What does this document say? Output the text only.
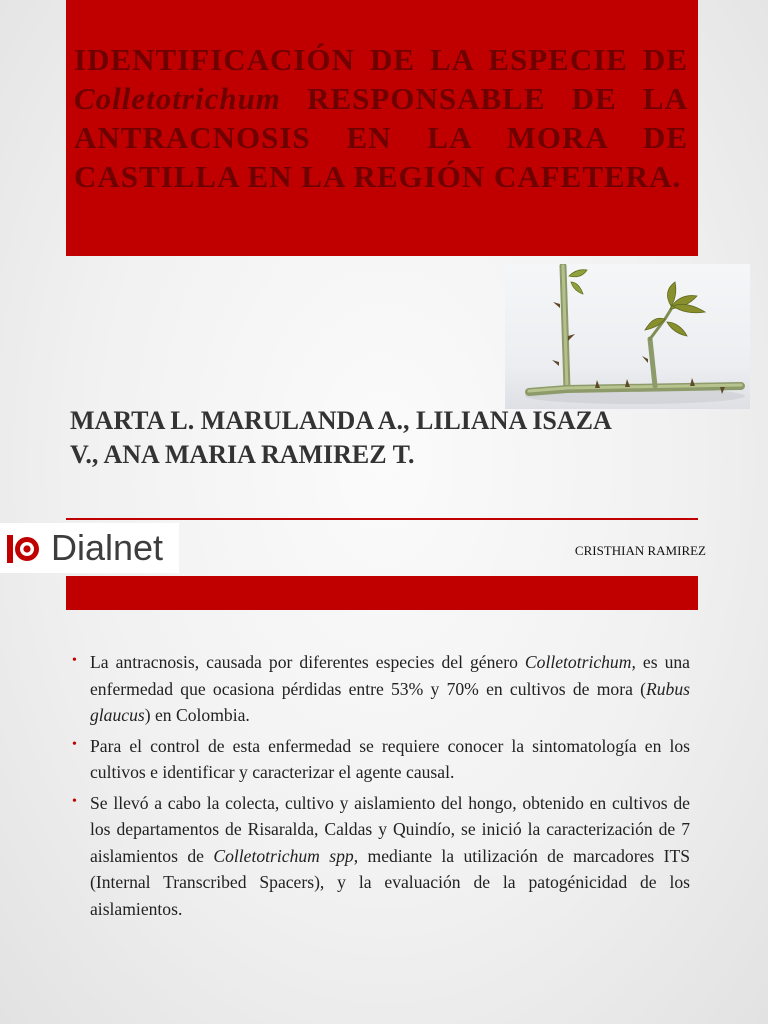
IDENTIFICACIÓN DE LA ESPECIE DE Colletotrichum RESPONSABLE DE LA ANTRACNOSIS EN LA MORA DE CASTILLA EN LA REGIÓN CAFETERA.
MARTA L. MARULANDA A., LILIANA ISAZA V., ANA MARIA RAMIREZ T.
Dialnet	CRISTHIAN RAMIREZ

• La antracnosis, causada por diferentes especies del género Colletotrichum, es una enfermedad que ocasiona pérdidas entre 53% y 70% en cultivos de mora (Rubus glaucus) en Colombia.
• Para el control de esta enfermedad se requiere conocer la sintomatología en los cultivos e identificar y caracterizar el agente causal.
• Se llevó a cabo la colecta, cultivo y aislamiento del hongo, obtenido en cultivos de los departamentos de Risaralda, Caldas y Quindío, se inició la caracterización de 7 aislamientos de Colletotrichum spp, mediante la utilización de marcadores ITS (Internal Transcribed Spacers), y la evaluación de la patogénicidad de los aislamientos.
